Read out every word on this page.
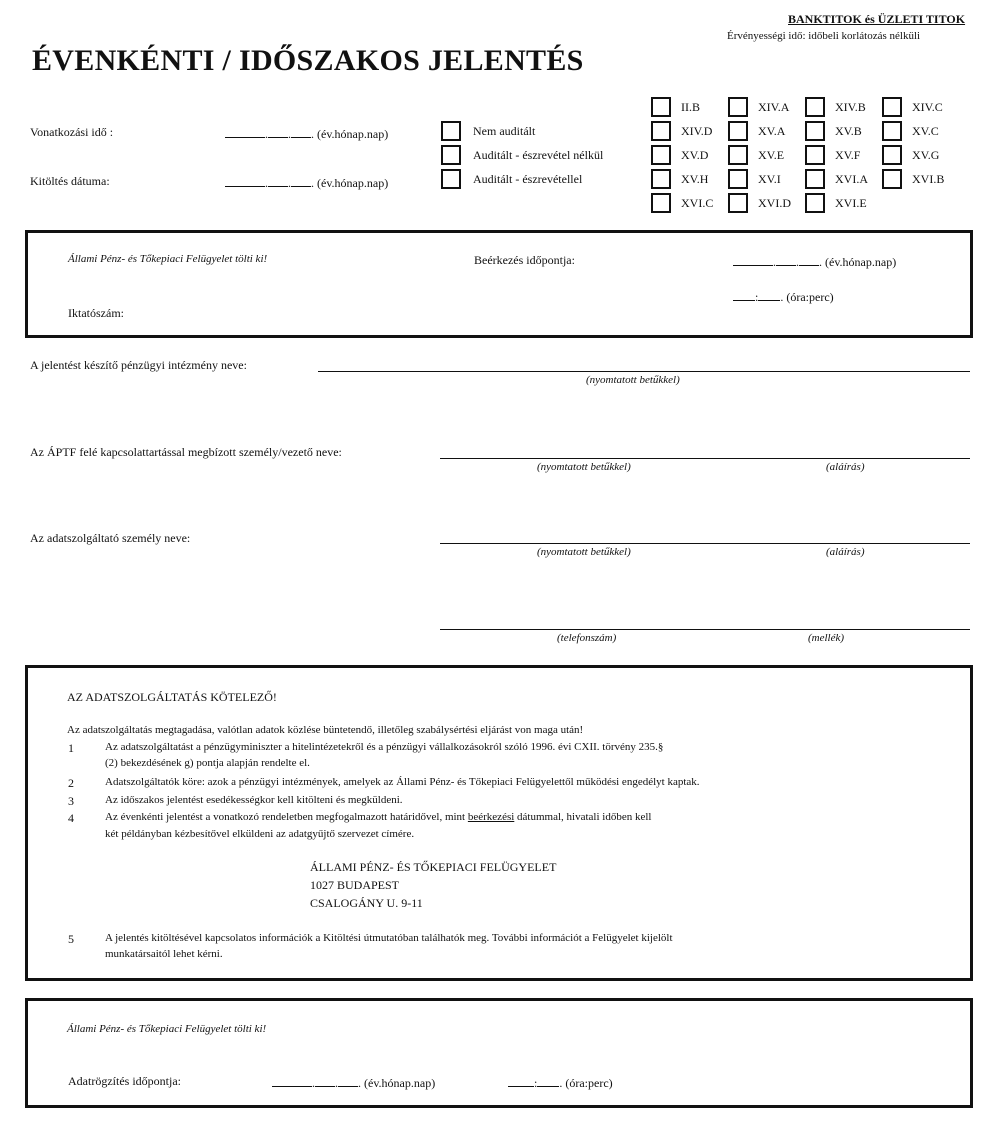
BANKTITOK és ÜZLETI TITOK
Érvényességi idő: időbeli korlátozás nélküli
ÉVENKÉNTI / IDŐSZAKOS JELENTÉS
Vonatkozási idő :	. . . (év.hónap.nap)
Kitöltés dátuma:	. . . (év.hónap.nap)
Nem auditált
Auditált - észrevétel nélkül
Auditált - észrevétellel
II.B	XIV.A	XIV.B	XIV.C
XIV.D	XV.A	XV.B	XV.C
XV.D	XV.E	XV.F	XV.G
XV.H	XV.I	XVI.A	XVI.B
XVI.C	XVI.D	XVI.E
Állami Pénz- és Tőkepiaci Felügyelet tölti ki!	Beérkezés időpontja:	. . . (év.hónap.nap)
: . (óra:perc)
Iktatószám:
A jelentést készítő pénzügyi intézmény neve:
(nyomtatott betűkkel)
Az ÁPTF felé kapcsolattartással megbízott személy/vezető neve:
(nyomtatott betűkkel)	(aláírás)
Az adatszolgáltató személy neve:
(nyomtatott betűkkel)	(aláírás)
(telefonszám)	(mellék)
AZ ADATSZOLGÁLTATÁS KÖTELEZŐ!
Az adatszolgáltatás megtagadása, valótlan adatok közlése büntetendő, illetőleg szabálysértési eljárást von maga után!
1	Az adatszolgáltatást a pénzügyminiszter a hitelintézetekről és a pénzügyi vállalkozásokról szóló 1996. évi CXII. törvény 235.§
(2) bekezdésének g) pontja alapján rendelte el.
2	Adatszolgáltatók köre: azok a pénzügyi intézmények, amelyek az Állami Pénz- és Tőkepiaci Felügyelettől működési engedélyt kaptak.
3	Az időszakos jelentést esedékességkor kell kitölteni és megküldeni.
4	Az évenkénti jelentést a vonatkozó rendeletben megfogalmazott határidővel, mint beérkezési dátummal, hivatali időben kell
két példányban kézbesítővel elküldeni az adatgyűjtő szervezet címére.
ÁLLAMI PÉNZ- ÉS TŐKEPIACI FELÜGYELET
1027 BUDAPEST
CSALOGÁNY U. 9-11
5	A jelentés kitöltésével kapcsolatos információk a Kitöltési útmutatóban találhatók meg. További információt a Felügyelet kijelölt
munkatársaitól lehet kérni.
Állami Pénz- és Tőkepiaci Felügyelet tölti ki!
Adatrögzítés időpontja:	. . . (év.hónap.nap)	: . (óra:perc)
